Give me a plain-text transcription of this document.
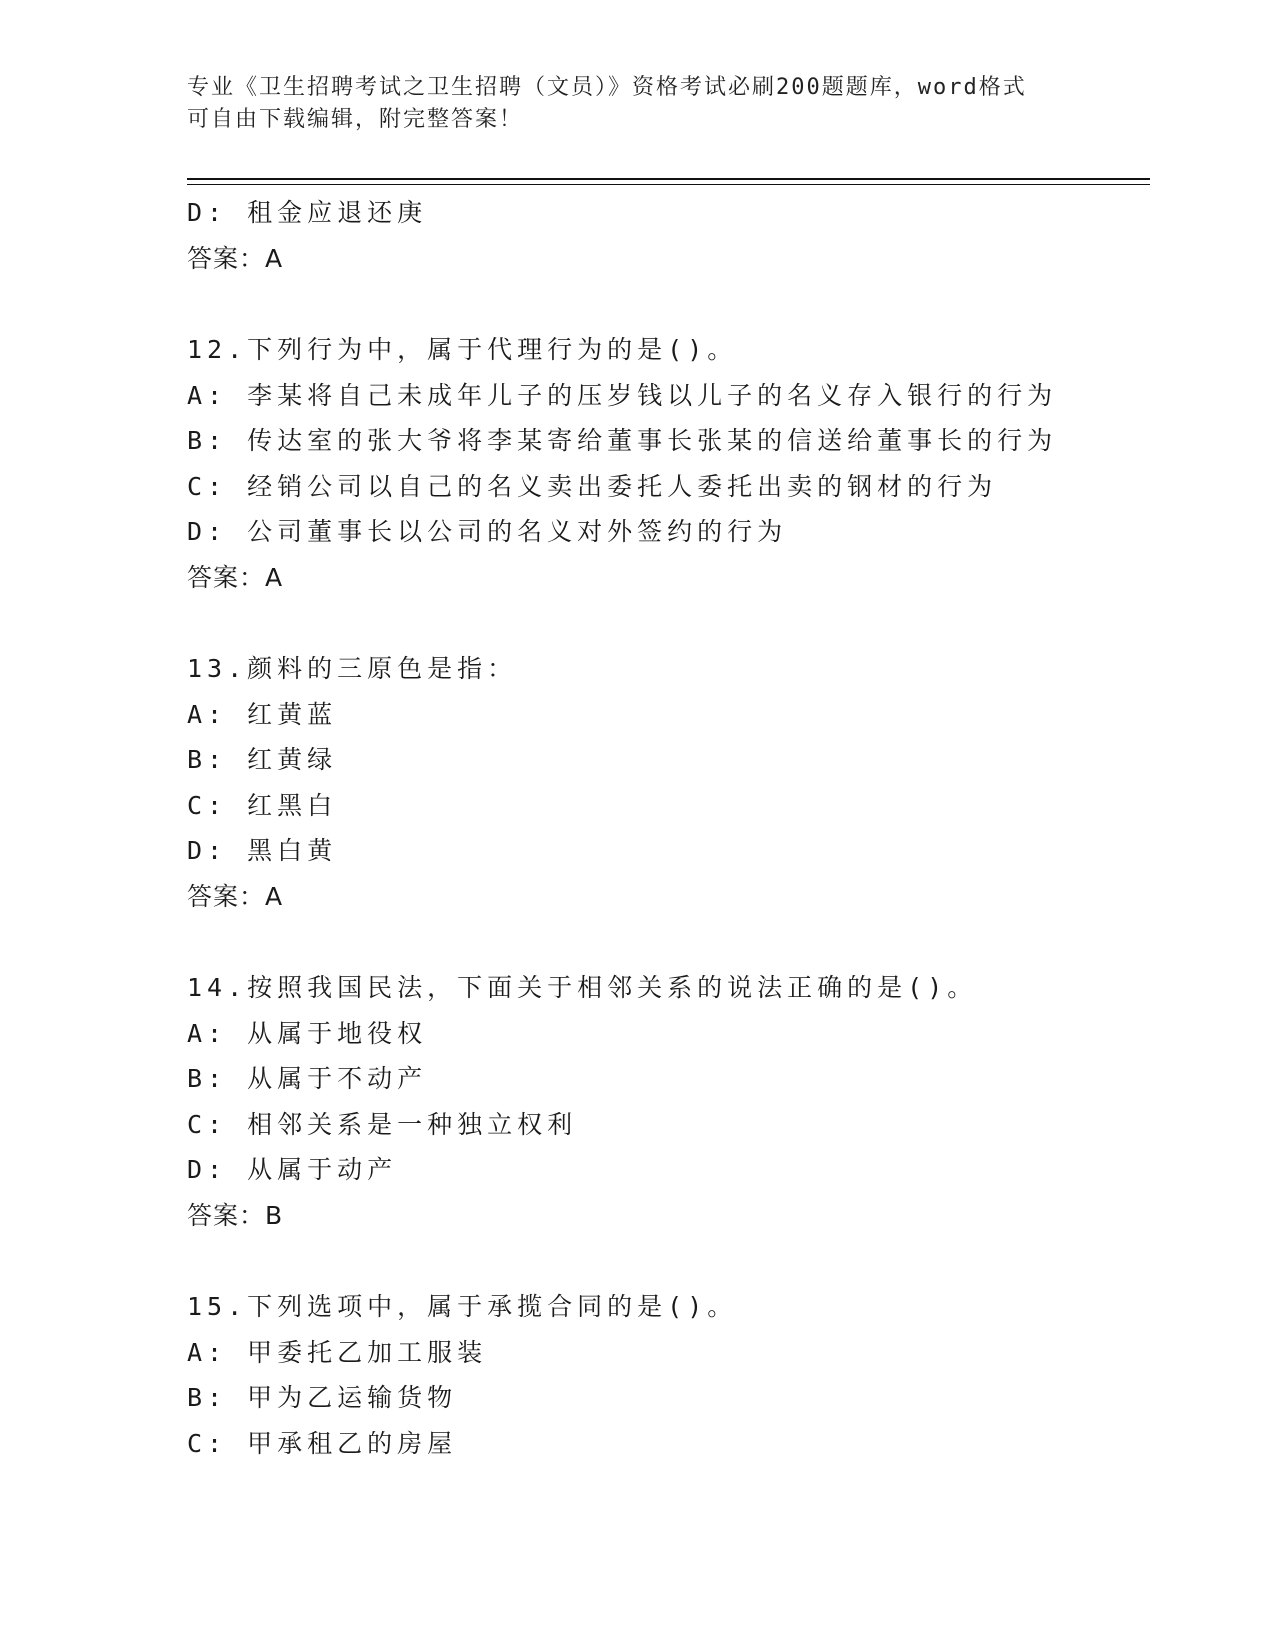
专业《卫生招聘考试之卫生招聘（文员）》资格考试必刷200题题库，word格式
可自由下载编辑，附完整答案！
D: 租金应退还庚
答案：A
12.下列行为中，属于代理行为的是()。
A: 李某将自己未成年儿子的压岁钱以儿子的名义存入银行的行为
B: 传达室的张大爷将李某寄给董事长张某的信送给董事长的行为
C: 经销公司以自己的名义卖出委托人委托出卖的钢材的行为
D: 公司董事长以公司的名义对外签约的行为
答案：A
13.颜料的三原色是指：
A: 红黄蓝
B: 红黄绿
C: 红黑白
D: 黑白黄
答案：A
14.按照我国民法，下面关于相邻关系的说法正确的是()。
A: 从属于地役权
B: 从属于不动产
C: 相邻关系是一种独立权利
D: 从属于动产
答案：B
15.下列选项中，属于承揽合同的是()。
A: 甲委托乙加工服装
B: 甲为乙运输货物
C: 甲承租乙的房屋
